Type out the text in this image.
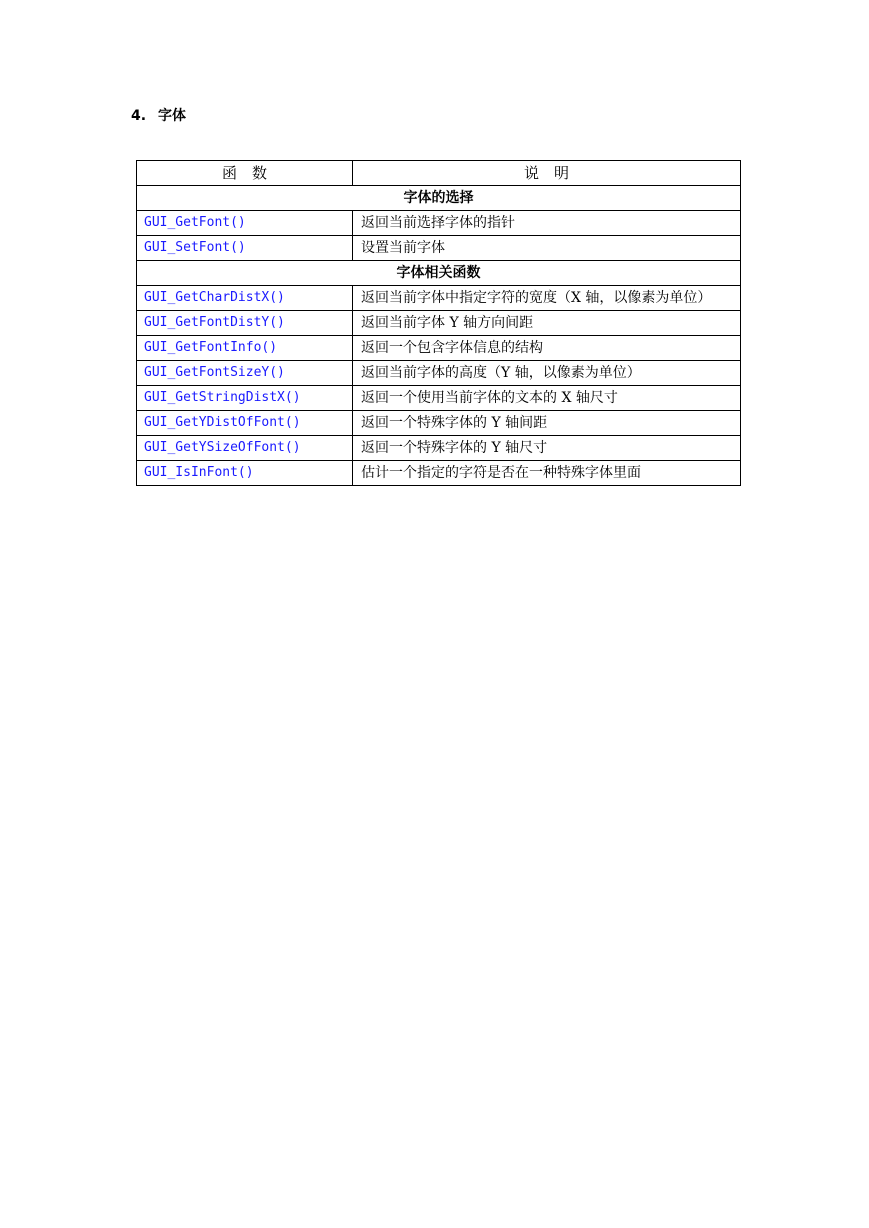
4. 字体
函　数	说　明
字体的选择	
GUI_GetFont()	返回当前选择字体的指针
GUI_SetFont()	设置当前字体
字体相关函数	
GUI_GetCharDistX()	返回当前字体中指定字符的宽度（X 轴，以像素为单位）
GUI_GetFontDistY()	返回当前字体 Y 轴方向间距
GUI_GetFontInfo()	返回一个包含字体信息的结构
GUI_GetFontSizeY()	返回当前字体的高度（Y 轴，以像素为单位）
GUI_GetStringDistX()	返回一个使用当前字体的文本的 X 轴尺寸
GUI_GetYDistOfFont()	返回一个特殊字体的 Y 轴间距
GUI_GetYSizeOfFont()	返回一个特殊字体的 Y 轴尺寸
GUI_IsInFont()	估计一个指定的字符是否在一种特殊字体里面
